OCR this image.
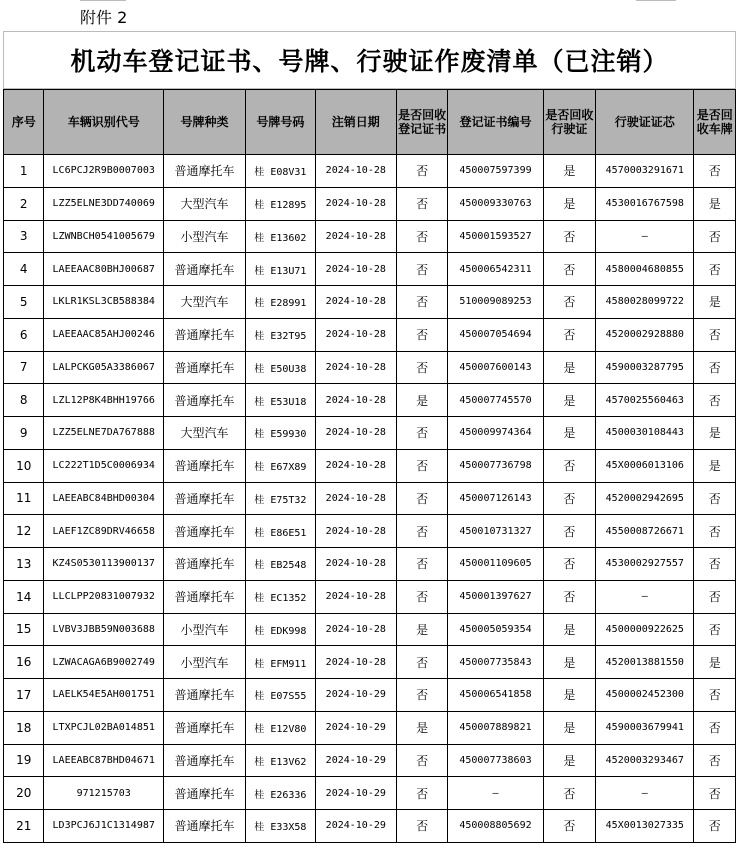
附件 2
机动车登记证书、号牌、行驶证作废清单（已注销）
序号	车辆识别代号	号牌种类	号牌号码	注销日期	是否回收登记证书	登记证书编号	是否回收行驶证	行驶证证芯	是否回收车牌
1	LC6PCJ2R9B0007003	普通摩托车	桂 E08V31	2024-10-28	否	450007597399	是	4570003291671	否
2	LZZ5ELNE3DD740069	大型汽车	桂 E12895	2024-10-28	否	450009330763	是	4530016767598	是
3	LZWNBCH0541005679	小型汽车	桂 E13602	2024-10-28	否	450001593527	否	—	否
4	LAEEAAC80BHJ00687	普通摩托车	桂 E13U71	2024-10-28	否	450006542311	否	4580004680855	否
5	LKLR1KSL3CB588384	大型汽车	桂 E28991	2024-10-28	否	510009089253	否	4580028099722	是
6	LAEEAAC85AHJ00246	普通摩托车	桂 E32T95	2024-10-28	否	450007054694	否	4520002928880	否
7	LALPCKG05A3386067	普通摩托车	桂 E50U38	2024-10-28	否	450007600143	是	4590003287795	否
8	LZL12P8K4BHH19766	普通摩托车	桂 E53U18	2024-10-28	是	450007745570	是	4570025560463	否
9	LZZ5ELNE7DA767888	大型汽车	桂 E59930	2024-10-28	否	450009974364	是	4500030108443	是
10	LC222T1D5C0006934	普通摩托车	桂 E67X89	2024-10-28	否	450007736798	否	45X0006013106	是
11	LAEEABC84BHD00304	普通摩托车	桂 E75T32	2024-10-28	否	450007126143	否	4520002942695	否
12	LAEF1ZC89DRV46658	普通摩托车	桂 E86E51	2024-10-28	否	450010731327	否	4550008726671	否
13	KZ4S0530113900137	普通摩托车	桂 EB2548	2024-10-28	否	450001109605	否	4530002927557	否
14	LLCLPP20831007932	普通摩托车	桂 EC1352	2024-10-28	否	450001397627	否	—	否
15	LVBV3JBB59N003688	小型汽车	桂 EDK998	2024-10-28	是	450005059354	是	4500000922625	否
16	LZWACAGA6B9002749	小型汽车	桂 EFM911	2024-10-28	否	450007735843	是	4520013881550	是
17	LAELK54E5AH001751	普通摩托车	桂 E07S55	2024-10-29	否	450006541858	是	4500002452300	否
18	LTXPCJL02BA014851	普通摩托车	桂 E12V80	2024-10-29	是	450007889821	是	4590003679941	否
19	LAEEABC87BHD04671	普通摩托车	桂 E13V62	2024-10-29	否	450007738603	是	4520003293467	否
20	971215703	普通摩托车	桂 E26336	2024-10-29	否	—	否	—	否
21	LD3PCJ6J1C1314987	普通摩托车	桂 E33X58	2024-10-29	否	450008805692	否	45X0013027335	否
